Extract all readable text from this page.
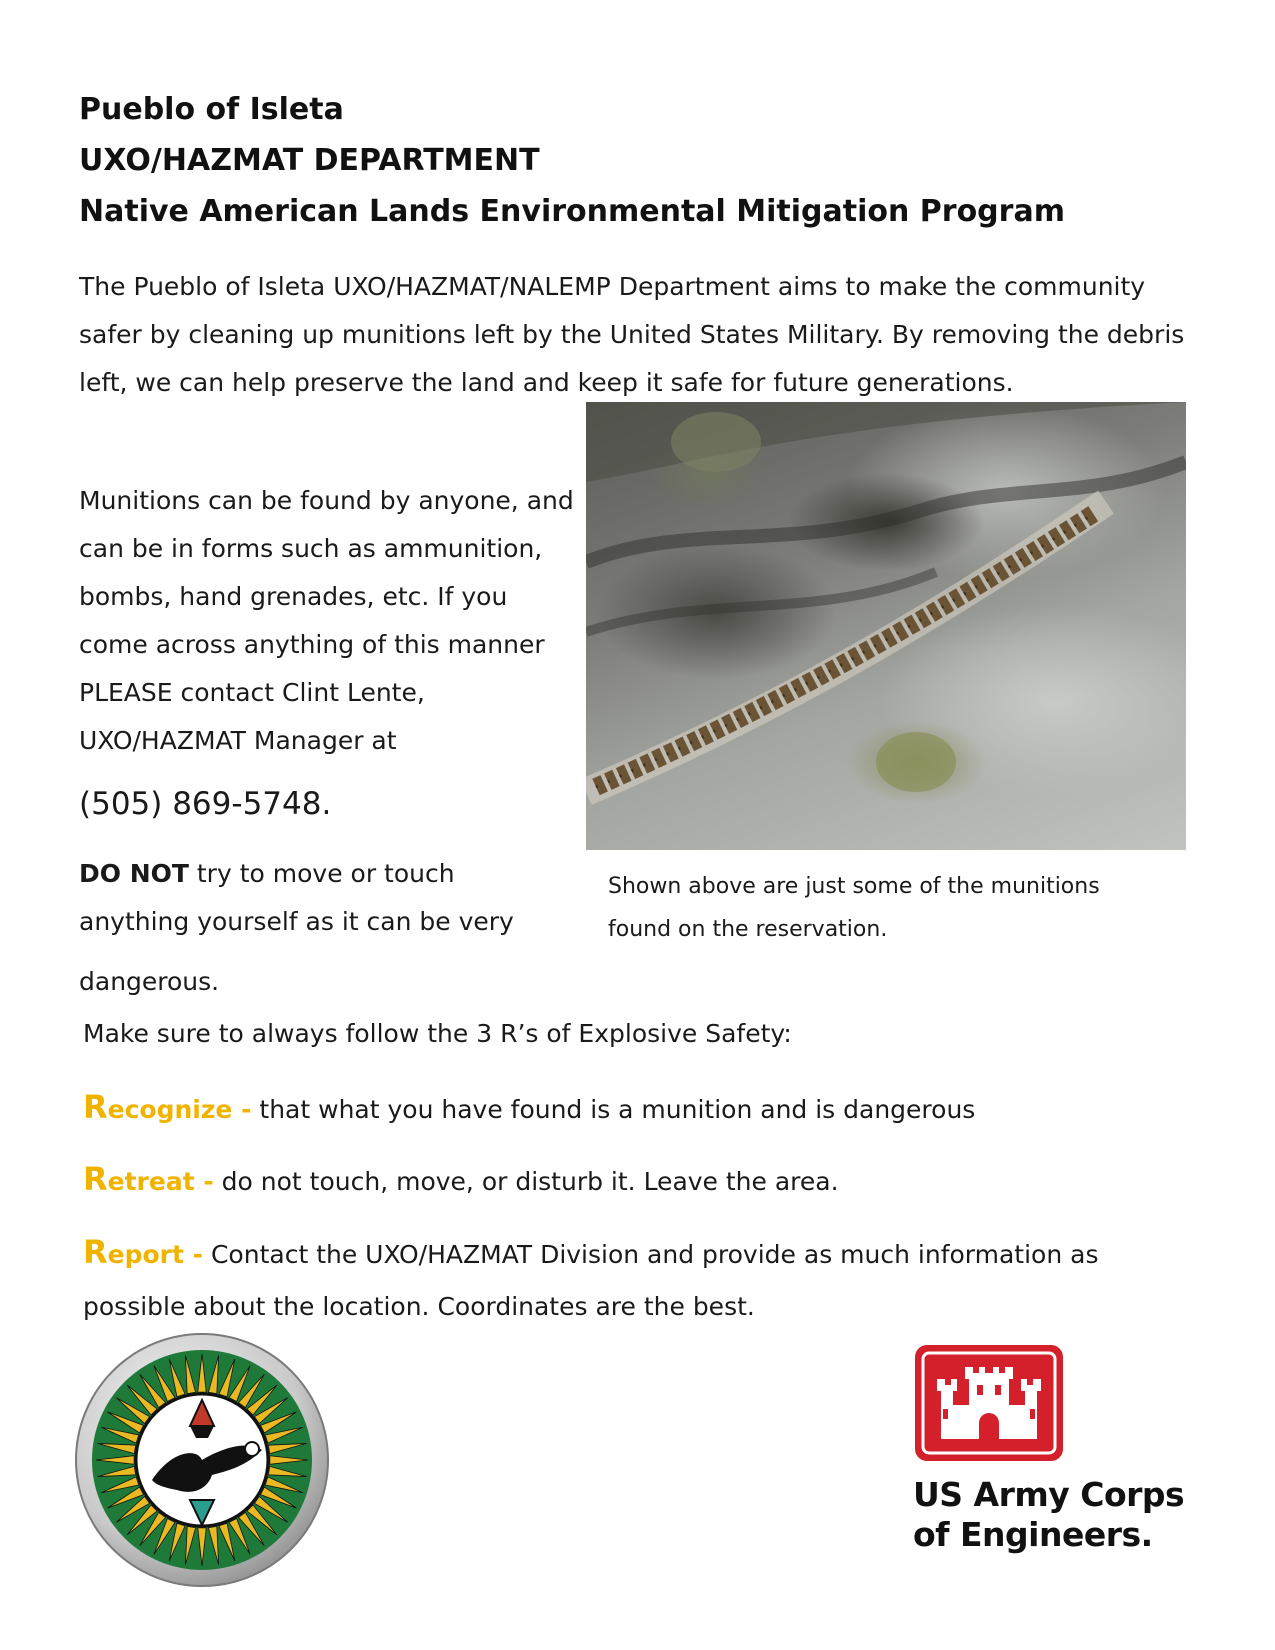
Pueblo of Isleta
UXO/HAZMAT DEPARTMENT
Native American Lands Environmental Mitigation Program

The Pueblo of Isleta UXO/HAZMAT/NALEMP Department aims to make the community safer by cleaning up munitions left by the United States Military. By removing the debris left, we can help preserve the land and keep it safe for future generations.

Munitions can be found by anyone, and can be in forms such as ammunition, bombs, hand grenades, etc. If you come across anything of this manner PLEASE contact Clint Lente, UXO/HAZMAT Manager at

(505) 869-5748.

DO NOT try to move or touch anything yourself as it can be very

dangerous.

Shown above are just some of the munitions found on the reservation.

Make sure to always follow the 3 R’s of Explosive Safety:

Recognize - that what you have found is a munition and is dangerous

Retreat - do not touch, move, or disturb it. Leave the area.

Report - Contact the UXO/HAZMAT Division and provide as much information as possible about the location. Coordinates are the best.

US Army Corps
of Engineers.
